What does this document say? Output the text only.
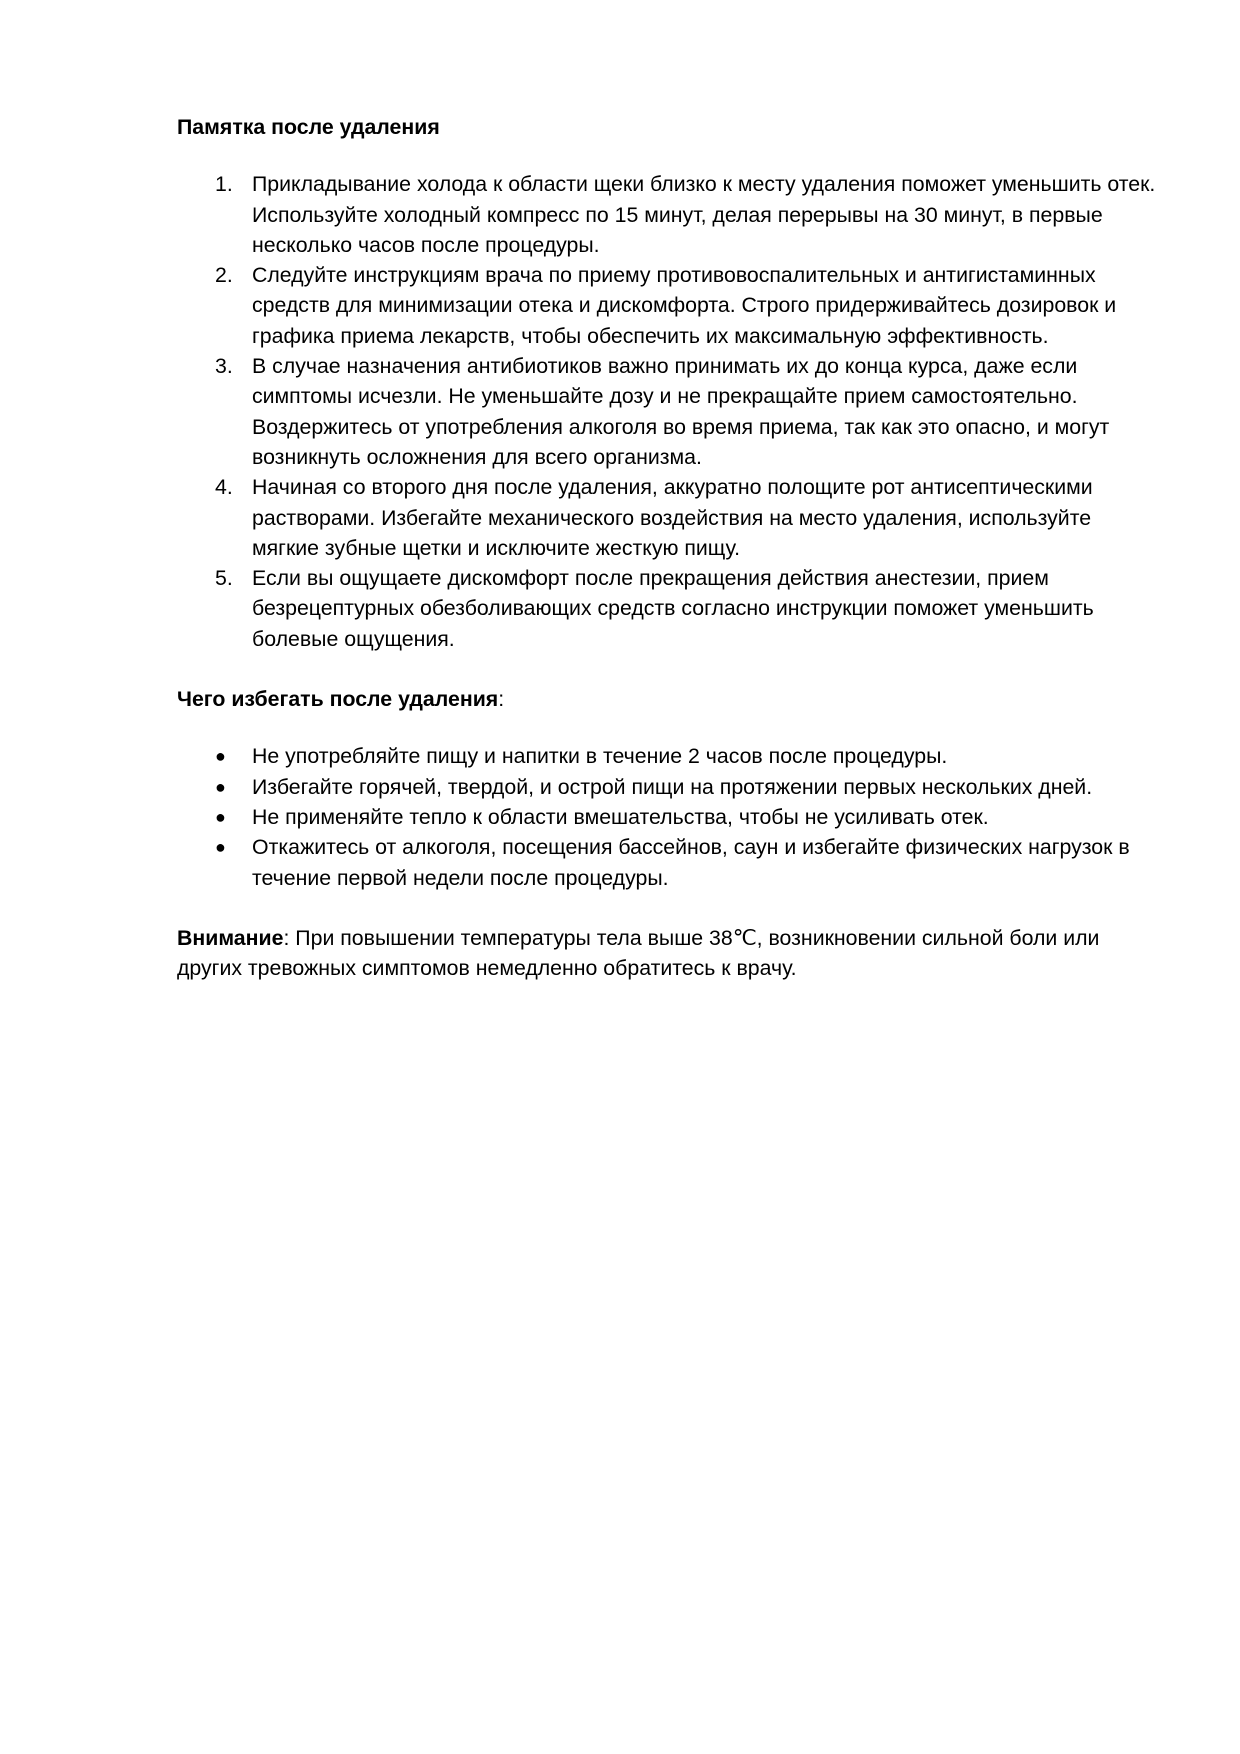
Памятка после удаления

1. Прикладывание холода к области щеки близко к месту удаления поможет уменьшить отек. Используйте холодный компресс по 15 минут, делая перерывы на 30 минут, в первые несколько часов после процедуры.
2. Следуйте инструкциям врача по приему противовоспалительных и антигистаминных средств для минимизации отека и дискомфорта. Строго придерживайтесь дозировок и графика приема лекарств, чтобы обеспечить их максимальную эффективность.
3. В случае назначения антибиотиков важно принимать их до конца курса, даже если симптомы исчезли. Не уменьшайте дозу и не прекращайте прием самостоятельно. Воздержитесь от употребления алкоголя во время приема, так как это опасно, и могут возникнуть осложнения для всего организма.
4. Начиная со второго дня после удаления, аккуратно полощите рот антисептическими растворами. Избегайте механического воздействия на место удаления, используйте мягкие зубные щетки и исключите жесткую пищу.
5. Если вы ощущаете дискомфорт после прекращения действия анестезии, прием безрецептурных обезболивающих средств согласно инструкции поможет уменьшить болевые ощущения.

Чего избегать после удаления:

●	Не употребляйте пищу и напитки в течение 2 часов после процедуры.
●	Избегайте горячей, твердой, и острой пищи на протяжении первых нескольких дней.
●	Не применяйте тепло к области вмешательства, чтобы не усиливать отек.
●	Откажитесь от алкоголя, посещения бассейнов, саун и избегайте физических нагрузок в течение первой недели после процедуры.

Внимание: При повышении температуры тела выше 38℃, возникновении сильной боли или других тревожных симптомов немедленно обратитесь к врачу.
